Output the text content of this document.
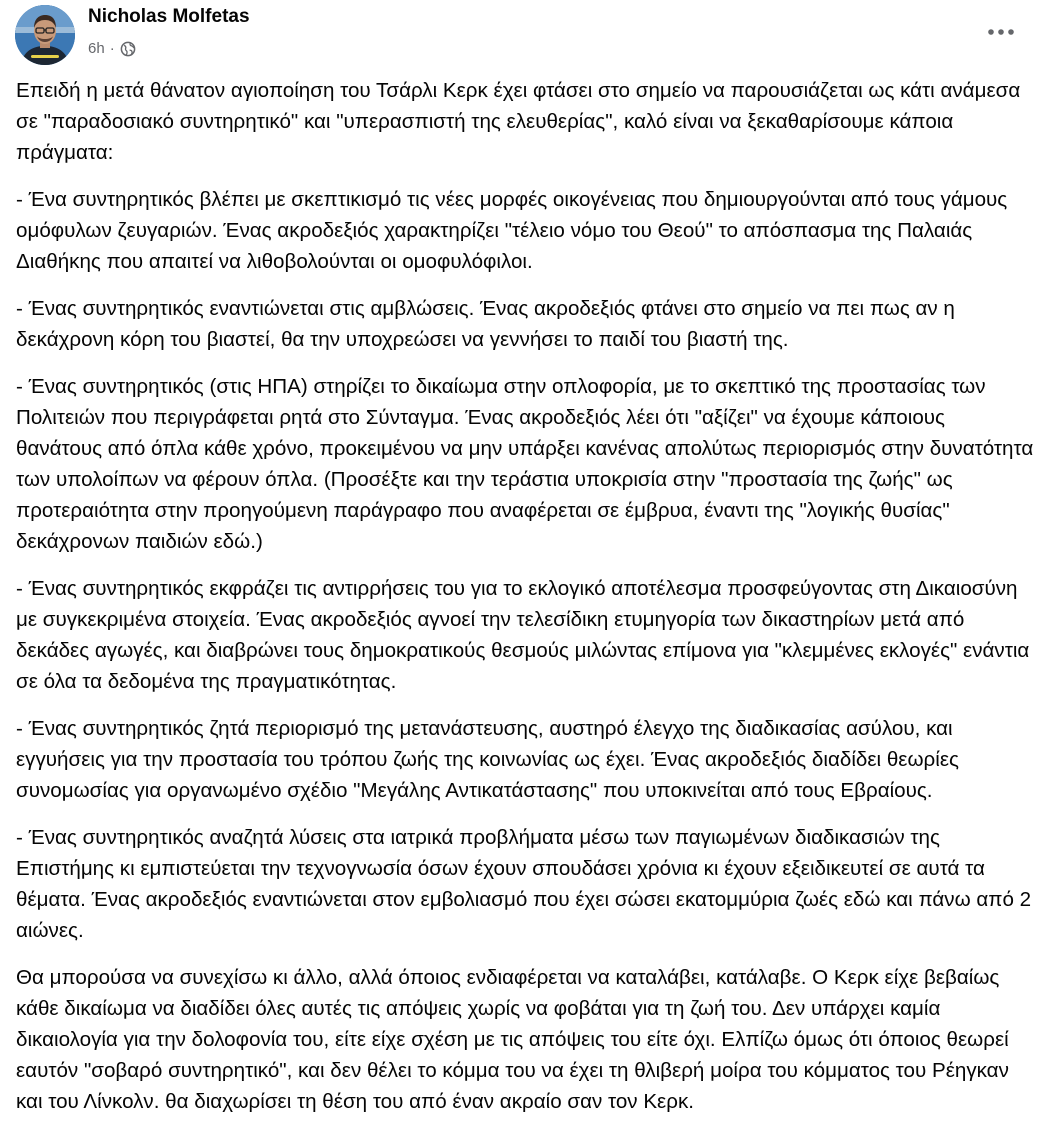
Nicholas Molfetas
6h ·

Επειδή η μετά θάνατον αγιοποίηση του Τσάρλι Κερκ έχει φτάσει στο σημείο να παρουσιάζεται ως κάτι ανάμεσα σε "παραδοσιακό συντηρητικό" και "υπερασπιστή της ελευθερίας", καλό είναι να ξεκαθαρίσουμε κάποια πράγματα:

- Ένα συντηρητικός βλέπει με σκεπτικισμό τις νέες μορφές οικογένειας που δημιουργούνται από τους γάμους ομόφυλων ζευγαριών. Ένας ακροδεξιός χαρακτηρίζει "τέλειο νόμο του Θεού" το απόσπασμα της Παλαιάς Διαθήκης που απαιτεί να λιθοβολούνται οι ομοφυλόφιλοι.

- Ένας συντηρητικός εναντιώνεται στις αμβλώσεις. Ένας ακροδεξιός φτάνει στο σημείο να πει πως αν η δεκάχρονη κόρη του βιαστεί, θα την υποχρεώσει να γεννήσει το παιδί του βιαστή της.

- Ένας συντηρητικός (στις ΗΠΑ) στηρίζει το δικαίωμα στην οπλοφορία, με το σκεπτικό της προστασίας των Πολιτειών που περιγράφεται ρητά στο Σύνταγμα. Ένας ακροδεξιός λέει ότι "αξίζει" να έχουμε κάποιους θανάτους από όπλα κάθε χρόνο, προκειμένου να μην υπάρξει κανένας απολύτως περιορισμός στην δυνατότητα των υπολοίπων να φέρουν όπλα. (Προσέξτε και την τεράστια υποκρισία στην "προστασία της ζωής" ως προτεραιότητα στην προηγούμενη παράγραφο που αναφέρεται σε έμβρυα, έναντι της "λογικής θυσίας" δεκάχρονων παιδιών εδώ.)

- Ένας συντηρητικός εκφράζει τις αντιρρήσεις του για το εκλογικό αποτέλεσμα προσφεύγοντας στη Δικαιοσύνη με συγκεκριμένα στοιχεία. Ένας ακροδεξιός αγνοεί την τελεσίδικη ετυμηγορία των δικαστηρίων μετά από δεκάδες αγωγές, και διαβρώνει τους δημοκρατικούς θεσμούς μιλώντας επίμονα για "κλεμμένες εκλογές" ενάντια σε όλα τα δεδομένα της πραγματικότητας.

- Ένας συντηρητικός ζητά περιορισμό της μετανάστευσης, αυστηρό έλεγχο της διαδικασίας ασύλου, και εγγυήσεις για την προστασία του τρόπου ζωής της κοινωνίας ως έχει. Ένας ακροδεξιός διαδίδει θεωρίες συνομωσίας για οργανωμένο σχέδιο "Μεγάλης Αντικατάστασης" που υποκινείται από τους Εβραίους.

- Ένας συντηρητικός αναζητά λύσεις στα ιατρικά προβλήματα μέσω των παγιωμένων διαδικασιών της Επιστήμης κι εμπιστεύεται την τεχνογνωσία όσων έχουν σπουδάσει χρόνια κι έχουν εξειδικευτεί σε αυτά τα θέματα. Ένας ακροδεξιός εναντιώνεται στον εμβολιασμό που έχει σώσει εκατομμύρια ζωές εδώ και πάνω από 2 αιώνες.

Θα μπορούσα να συνεχίσω κι άλλο, αλλά όποιος ενδιαφέρεται να καταλάβει, κατάλαβε. Ο Κερκ είχε βεβαίως κάθε δικαίωμα να διαδίδει όλες αυτές τις απόψεις χωρίς να φοβάται για τη ζωή του. Δεν υπάρχει καμία δικαιολογία για την δολοφονία του, είτε είχε σχέση με τις απόψεις του είτε όχι. Ελπίζω όμως ότι όποιος θεωρεί εαυτόν "σοβαρό συντηρητικό", και δεν θέλει το κόμμα του να έχει τη θλιβερή μοίρα του κόμματος του Ρέηγκαν και του Λίνκολν. θα διαχωρίσει τη θέση του από έναν ακραίο σαν τον Κερκ.
